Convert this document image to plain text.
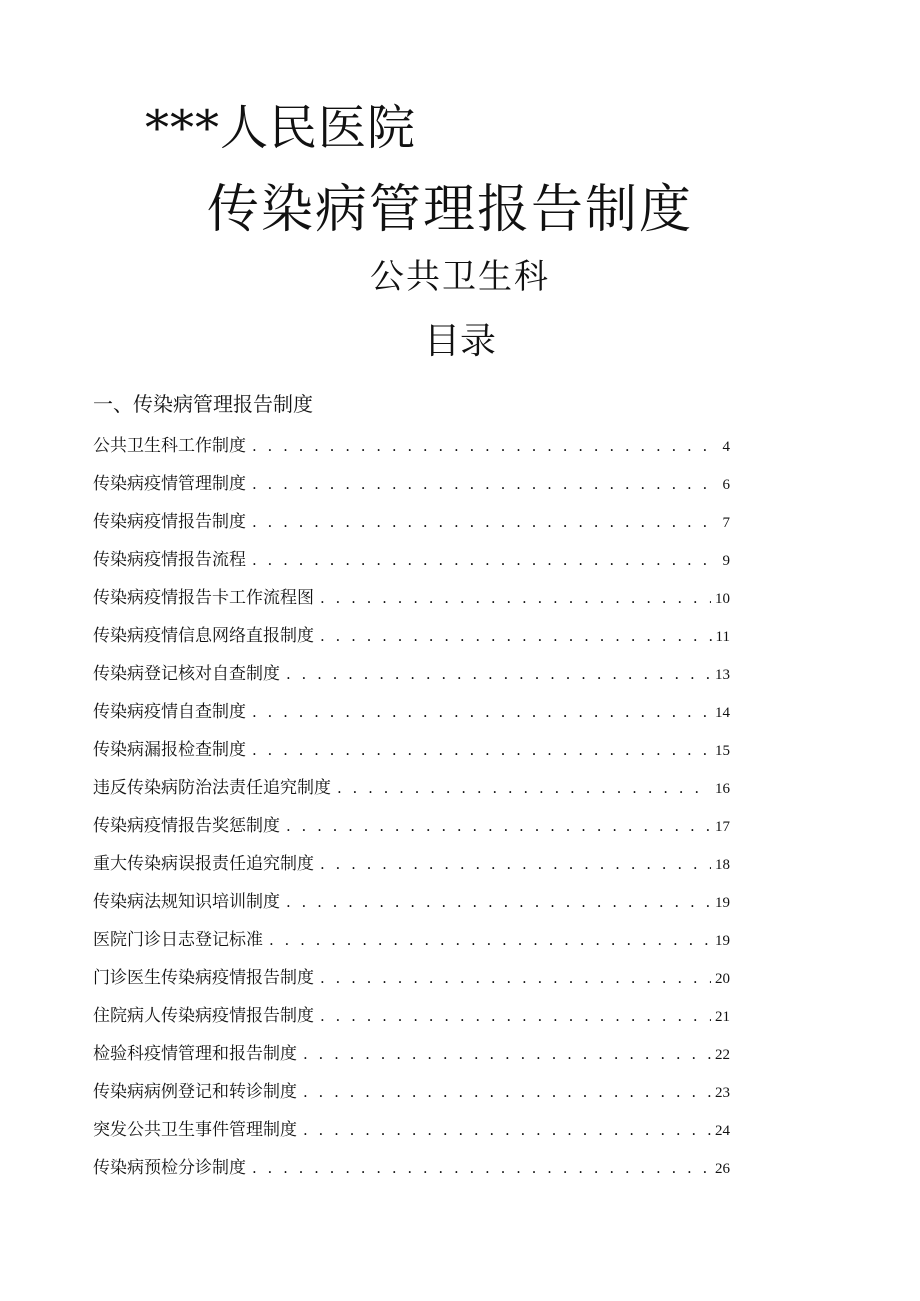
***人民医院
传染病管理报告制度
公共卫生科
目录
一、传染病管理报告制度
公共卫生科工作制度 . . .	4
传染病疫情管理制度 . . .	6
传染病疫情报告制度 . . .	7
传染病疫情报告流程 . . .	9
传染病疫情报告卡工作流程图 . . .	10
传染病疫情信息网络直报制度 . . .	11
传染病登记核对自查制度 . . .	13
传染病疫情自查制度 . . .	14
传染病漏报检查制度 . . .	15
违反传染病防治法责任追究制度 . . .	16
传染病疫情报告奖惩制度 . . .	17
重大传染病误报责任追究制度 . . .	18
传染病法规知识培训制度 . . .	19
医院门诊日志登记标准 . . .	19
门诊医生传染病疫情报告制度 . . .	20
住院病人传染病疫情报告制度 . . .	21
检验科疫情管理和报告制度 . . .	22
传染病病例登记和转诊制度 . . .	23
突发公共卫生事件管理制度 . . .	24
传染病预检分诊制度 . . .	26
